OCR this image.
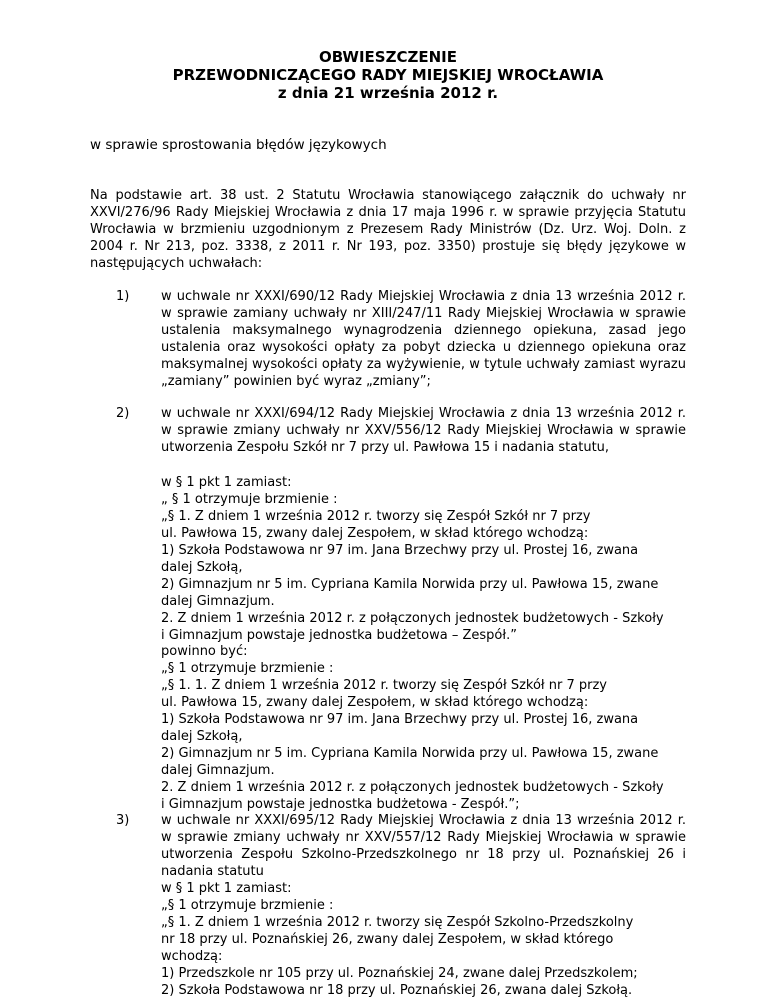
OBWIESZCZENIE
PRZEWODNICZĄCEGO RADY MIEJSKIEJ WROCŁAWIA
z dnia 21 września 2012 r.
w sprawie sprostowania błędów językowych
Na podstawie art. 38 ust. 2 Statutu Wrocławia stanowiącego załącznik do uchwały nr XXVI/276/96 Rady Miejskiej Wrocławia z dnia 17 maja 1996 r. w sprawie przyjęcia Statutu Wrocławia w brzmieniu uzgodnionym z Prezesem Rady Ministrów (Dz. Urz. Woj. Doln. z 2004 r. Nr 213, poz. 3338, z 2011 r. Nr 193, poz. 3350) prostuje się błędy językowe w następujących uchwałach:
1) w uchwale nr XXXI/690/12 Rady Miejskiej Wrocławia z dnia 13 września 2012 r. w sprawie zamiany uchwały nr XIII/247/11 Rady Miejskiej Wrocławia w sprawie ustalenia maksymalnego wynagrodzenia dziennego opiekuna, zasad jego ustalenia oraz wysokości opłaty za pobyt dziecka u dziennego opiekuna oraz maksymalnej wysokości opłaty za wyżywienie, w tytule uchwały zamiast wyrazu „zamiany” powinien być wyraz „zmiany”;
2) w uchwale nr XXXI/694/12 Rady Miejskiej Wrocławia z dnia 13 września 2012 r. w sprawie zmiany uchwały nr XXV/556/12 Rady Miejskiej Wrocławia w sprawie utworzenia Zespołu Szkół nr 7 przy ul. Pawłowa 15 i nadania statutu,
w § 1 pkt 1 zamiast:
„ § 1 otrzymuje brzmienie :
„§ 1. Z dniem 1 września 2012 r. tworzy się Zespół Szkół nr 7 przy
ul. Pawłowa 15, zwany dalej Zespołem, w skład którego wchodzą:
1) Szkoła Podstawowa nr 97 im. Jana Brzechwy przy ul. Prostej 16, zwana
dalej Szkołą,
2) Gimnazjum nr 5 im. Cypriana Kamila Norwida przy ul. Pawłowa 15, zwane
dalej Gimnazjum.
2. Z dniem 1 września 2012 r. z połączonych jednostek budżetowych - Szkoły
i Gimnazjum powstaje jednostka budżetowa – Zespół.”
powinno być:
„§ 1 otrzymuje brzmienie :
„§ 1. 1. Z dniem 1 września 2012 r. tworzy się Zespół Szkół nr 7 przy
ul. Pawłowa 15, zwany dalej Zespołem, w skład którego wchodzą:
1) Szkoła Podstawowa nr 97 im. Jana Brzechwy przy ul. Prostej 16, zwana
dalej Szkołą,
2) Gimnazjum nr 5 im. Cypriana Kamila Norwida przy ul. Pawłowa 15, zwane
dalej Gimnazjum.
2. Z dniem 1 września 2012 r. z połączonych jednostek budżetowych - Szkoły
i Gimnazjum powstaje jednostka budżetowa - Zespół.”;
3) w uchwale nr XXXI/695/12 Rady Miejskiej Wrocławia z dnia 13 września 2012 r. w sprawie zmiany uchwały nr XXV/557/12 Rady Miejskiej Wrocławia w sprawie utworzenia Zespołu Szkolno-Przedszkolnego nr 18 przy ul. Poznańskiej 26 i nadania statutu
w § 1 pkt 1 zamiast:
„§ 1 otrzymuje brzmienie :
„§ 1. Z dniem 1 września 2012 r. tworzy się Zespół Szkolno-Przedszkolny
nr 18 przy ul. Poznańskiej 26, zwany dalej Zespołem, w skład którego
wchodzą:
1) Przedszkole nr 105 przy ul. Poznańskiej 24, zwane dalej Przedszkolem;
2) Szkoła Podstawowa nr 18 przy ul. Poznańskiej 26, zwana dalej Szkołą.
